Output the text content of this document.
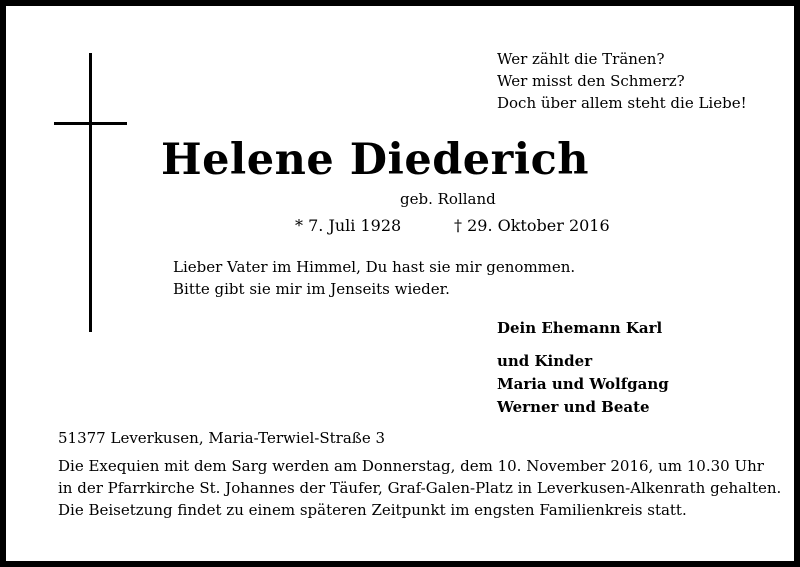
Wer zählt die Tränen?
Wer misst den Schmerz?
Doch über allem steht die Liebe!
Helene Diederich
geb. Rolland
* 7. Juli 1928	† 29. Oktober 2016
Lieber Vater im Himmel, Du hast sie mir genommen.
Bitte gibt sie mir im Jenseits wieder.
Dein Ehemann Karl
und Kinder
Maria und Wolfgang
Werner und Beate
51377 Leverkusen, Maria-Terwiel-Straße 3
Die Exequien mit dem Sarg werden am Donnerstag, dem 10. November 2016, um 10.30 Uhr
in der Pfarrkirche St. Johannes der Täufer, Graf-Galen-Platz in Leverkusen-Alkenrath gehalten.
Die Beisetzung findet zu einem späteren Zeitpunkt im engsten Familienkreis statt.
